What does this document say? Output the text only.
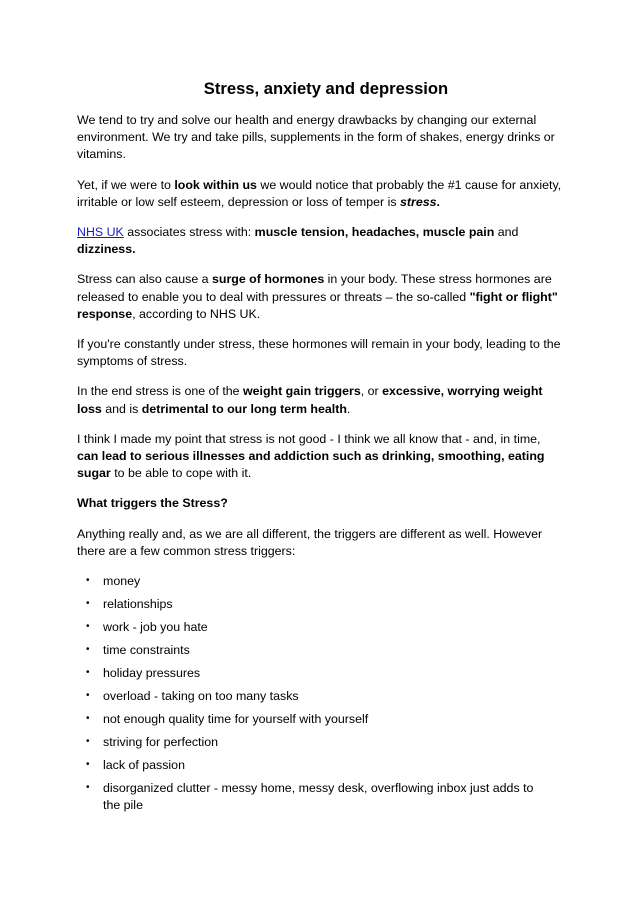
Stress, anxiety and depression

We tend to try and solve our health and energy drawbacks by changing our external environment. We try and take pills, supplements in the form of shakes, energy drinks or vitamins.

Yet, if we were to look within us we would notice that probably the #1 cause for anxiety, irritable or low self esteem, depression or loss of temper is stress.

NHS UK associates stress with: muscle tension, headaches, muscle pain and dizziness.

Stress can also cause a surge of hormones in your body. These stress hormones are released to enable you to deal with pressures or threats – the so-called "fight or flight" response, according to NHS UK.

If you're constantly under stress, these hormones will remain in your body, leading to the symptoms of stress.

In the end stress is one of the weight gain triggers, or excessive, worrying weight loss and is detrimental to our long term health.

I think I made my point that stress is not good - I think we all know that - and, in time, can lead to serious illnesses and addiction such as drinking, smoothing, eating sugar to be able to cope with it.

What triggers the Stress?

Anything really and, as we are all different, the triggers are different as well. However there are a few common stress triggers:

• money
• relationships
• work - job you hate
• time constraints
• holiday pressures
• overload - taking on too many tasks
• not enough quality time for yourself with yourself
• striving for perfection
• lack of passion
• disorganized clutter - messy home, messy desk, overflowing inbox just adds to the pile
